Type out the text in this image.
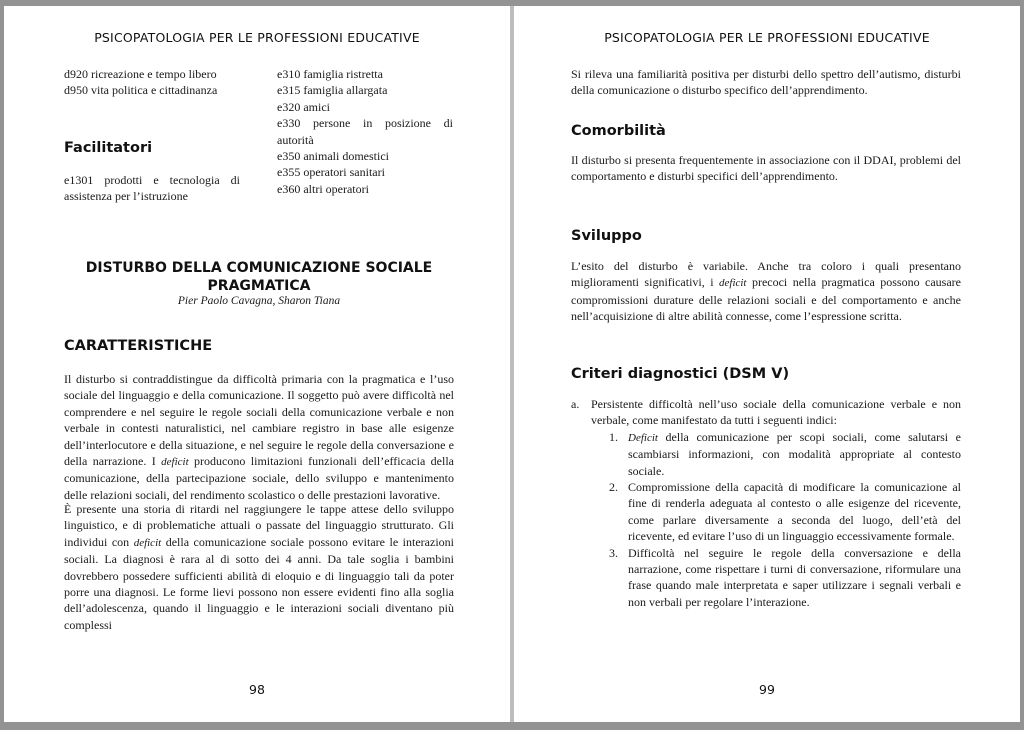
PSICOPATOLOGIA PER LE PROFESSIONI EDUCATIVE
d920 ricreazione e tempo libero
d950 vita politica e cittadinanza
Facilitatori
e1301 prodotti e tecnologia di assistenza per l’istruzione
e310 famiglia ristretta
e315 famiglia allargata
e320 amici
e330 persone in posizione di autorità
e350 animali domestici
e355 operatori sanitari
e360 altri operatori
DISTURBO DELLA COMUNICAZIONE SOCIALE
PRAGMATICA
Pier Paolo Cavagna, Sharon Tiana
CARATTERISTICHE
Il disturbo si contraddistingue da difficoltà primaria con la pragmatica e l’uso sociale del linguaggio e della comunicazione. Il soggetto può avere difficoltà nel comprendere e nel seguire le regole sociali della comunicazione verbale e non verbale in contesti naturalistici, nel cambiare registro in base alle esigenze dell’interlocutore e della situazione, e nel seguire le regole della conversazione e della narrazione. I deficit producono limitazioni funzionali dell’efficacia della comunicazione, della partecipazione sociale, dello sviluppo e mantenimento delle relazioni sociali, del rendimento scolastico o delle prestazioni lavorative.
È presente una storia di ritardi nel raggiungere le tappe attese dello sviluppo linguistico, e di problematiche attuali o passate del linguaggio strutturato. Gli individui con deficit della comunicazione sociale possono evitare le interazioni sociali. La diagnosi è rara al di sotto dei 4 anni. Da tale soglia i bambini dovrebbero possedere sufficienti abilità di eloquio e di linguaggio tali da poter porre una diagnosi. Le forme lievi possono non essere evidenti fino alla soglia dell’adolescenza, quando il linguaggio e le interazioni sociali diventano più complessi
98
PSICOPATOLOGIA PER LE PROFESSIONI EDUCATIVE
Si rileva una familiarità positiva per disturbi dello spettro dell’autismo, disturbi della comunicazione o disturbo specifico dell’apprendimento.
Comorbilità
Il disturbo si presenta frequentemente in associazione con il DDAI, problemi del comportamento e disturbi specifici dell’apprendimento.
Sviluppo
L’esito del disturbo è variabile. Anche tra coloro i quali presentano miglioramenti significativi, i deficit precoci nella pragmatica possono causare compromissioni durature delle relazioni sociali e del comportamento e anche nell’acquisizione di altre abilità connesse, come l’espressione scritta.
Criteri diagnostici (DSM V)
a. Persistente difficoltà nell’uso sociale della comunicazione verbale e non verbale, come manifestato da tutti i seguenti indici:
1. Deficit della comunicazione per scopi sociali, come salutarsi e scambiarsi informazioni, con modalità appropriate al contesto sociale.
2. Compromissione della capacità di modificare la comunicazione al fine di renderla adeguata al contesto o alle esigenze del ricevente, come parlare diversamente a seconda del luogo, dell’età del ricevente, ed evitare l’uso di un linguaggio eccessivamente formale.
3. Difficoltà nel seguire le regole della conversazione e della narrazione, come rispettare i turni di conversazione, riformulare una frase quando male interpretata e saper utilizzare i segnali verbali e non verbali per regolare l’interazione.
99
